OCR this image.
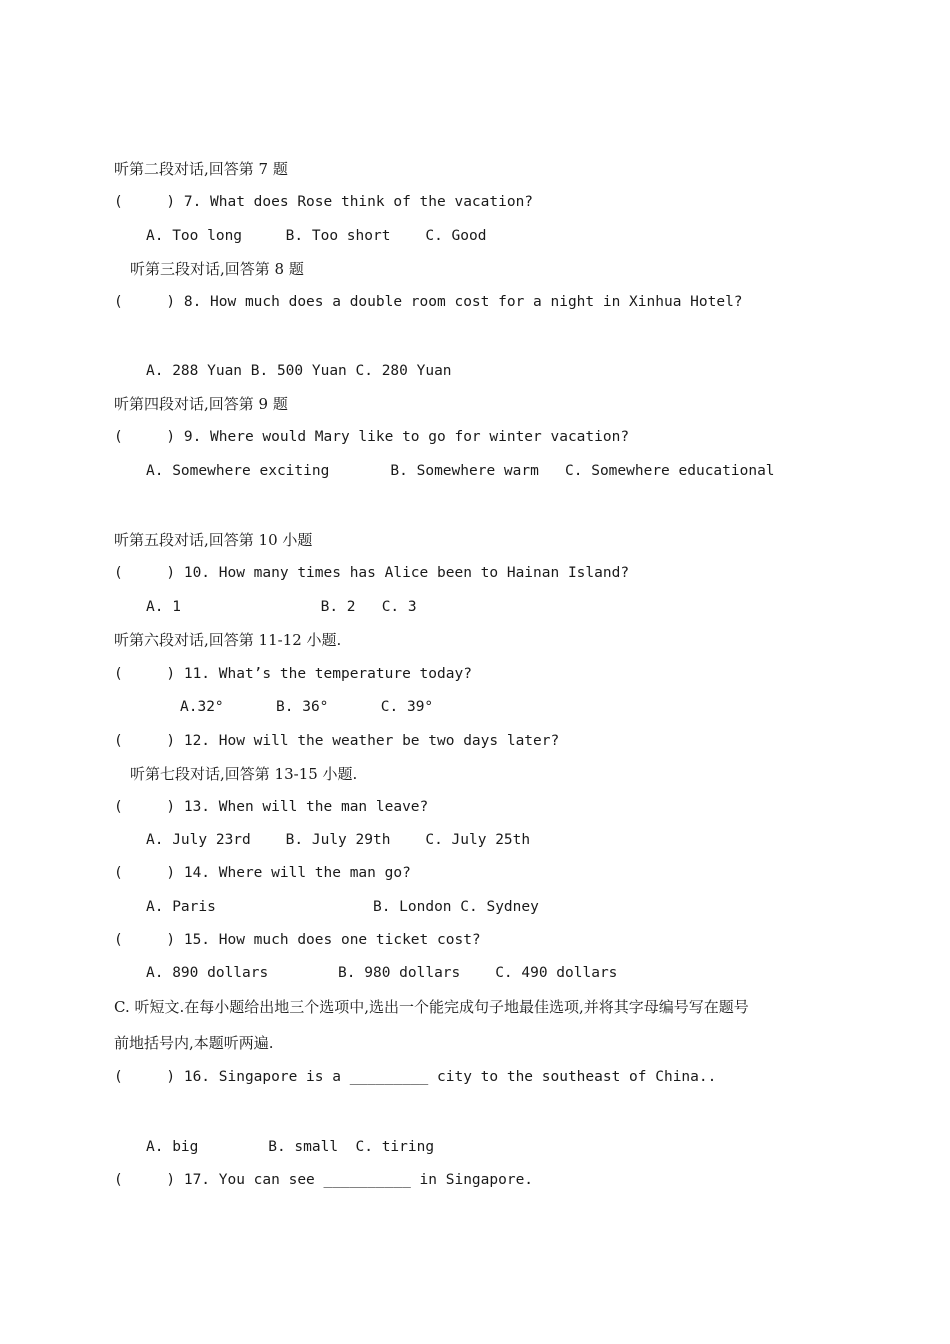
听第二段对话,回答第 7 题
(     ) 7. What does Rose think of the vacation?
A. Too long     B. Too short    C. Good
听第三段对话,回答第 8 题
(     ) 8. How much does a double room cost for a night in Xinhua Hotel?
A. 288 Yuan B. 500 Yuan C. 280 Yuan
听第四段对话,回答第 9 题
(     ) 9. Where would Mary like to go for winter vacation?
A. Somewhere exciting       B. Somewhere warm   C. Somewhere educational
听第五段对话,回答第 10 小题
(     ) 10. How many times has Alice been to Hainan Island?
A. 1                B. 2   C. 3
听第六段对话,回答第 11-12 小题.
(     ) 11. What’s the temperature today?
A.32°      B. 36°      C. 39°
(     ) 12. How will the weather be two days later?
听第七段对话,回答第 13-15 小题.
(     ) 13. When will the man leave?
A. July 23rd    B. July 29th    C. July 25th
(     ) 14. Where will the man go?
A. Paris                  B. London C. Sydney
(     ) 15. How much does one ticket cost?
A. 890 dollars        B. 980 dollars    C. 490 dollars
C. 听短文.在每小题给出地三个选项中,选出一个能完成句子地最佳选项,并将其字母编号写在题号
前地括号内,本题听两遍.
(     ) 16. Singapore is a _________ city to the southeast of China..
A. big        B. small  C. tiring
(     ) 17. You can see __________ in Singapore.
